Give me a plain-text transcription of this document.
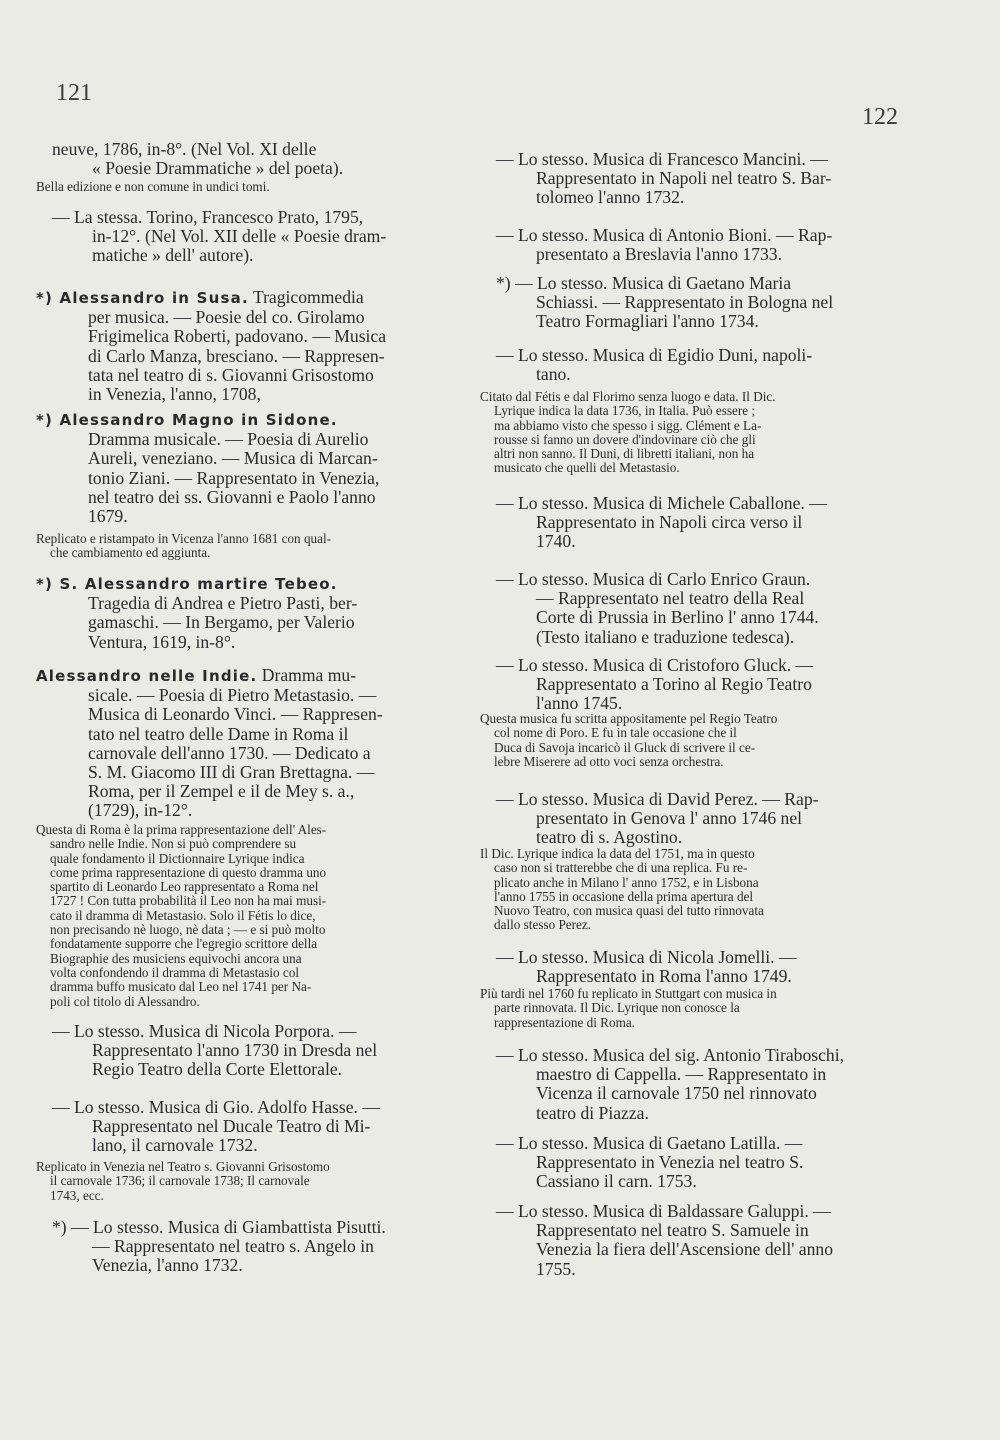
121
122
neuve, 1786, in-8°. (Nel Vol. XI delle
« Poesie Drammatiche » del poeta).
Bella edizione e non comune in undici tomi.
— La stessa. Torino, Francesco Prato, 1795,
in-12°. (Nel Vol. XII delle « Poesie dram-
matiche » dell' autore).
*) Alessandro in Susa. Tragicommedia
per musica. — Poesie del co. Girolamo
Frigimelica Roberti, padovano. — Musica
di Carlo Manza, bresciano. — Rappresen-
tata nel teatro di s. Giovanni Grisostomo
in Venezia, l'anno, 1708,
*) Alessandro Magno in Sidone.
Dramma musicale. — Poesia di Aurelio
Aureli, veneziano. — Musica di Marcan-
tonio Ziani. — Rappresentato in Venezia,
nel teatro dei ss. Giovanni e Paolo l'anno
1679.
Replicato e ristampato in Vicenza l'anno 1681 con qual-
che cambiamento ed aggiunta.
*) S. Alessandro martire Tebeo.
Tragedia di Andrea e Pietro Pasti, ber-
gamaschi. — In Bergamo, per Valerio
Ventura, 1619, in-8°.
Alessandro nelle Indie. Dramma mu-
sicale. — Poesia di Pietro Metastasio. —
Musica di Leonardo Vinci. — Rappresen-
tato nel teatro delle Dame in Roma il
carnovale dell'anno 1730. — Dedicato a
S. M. Giacomo III di Gran Brettagna. —
Roma, per il Zempel e il de Mey s. a.,
(1729), in-12°.
Questa di Roma è la prima rappresentazione dell' Ales-
sandro nelle Indie. Non si può comprendere su
quale fondamento il Dictionnaire Lyrique indica
come prima rappresentazione di questo dramma uno
spartito di Leonardo Leo rappresentato a Roma nel
1727 ! Con tutta probabilità il Leo non ha mai musi-
cato il dramma di Metastasio. Solo il Fétis lo dice,
non precisando nè luogo, nè data ; — e si può molto
fondatamente supporre che l'egregio scrittore della
Biographie des musiciens equivochi ancora una
volta confondendo il dramma di Metastasio col
dramma buffo musicato dal Leo nel 1741 per Na-
poli col titolo di Alessandro.
— Lo stesso. Musica di Nicola Porpora. —
Rappresentato l'anno 1730 in Dresda nel
Regio Teatro della Corte Elettorale.
— Lo stesso. Musica di Gio. Adolfo Hasse. —
Rappresentato nel Ducale Teatro di Mi-
lano, il carnovale 1732.
Replicato in Venezia nel Teatro s. Giovanni Grisostomo
il carnovale 1736; il carnovale 1738; Il carnovale
1743, ecc.
*) — Lo stesso. Musica di Giambattista Pisutti.
— Rappresentato nel teatro s. Angelo in
Venezia, l'anno 1732.
— Lo stesso. Musica di Francesco Mancini. —
Rappresentato in Napoli nel teatro S. Bar-
tolomeo l'anno 1732.
— Lo stesso. Musica di Antonio Bioni. — Rap-
presentato a Breslavia l'anno 1733.
*) — Lo stesso. Musica di Gaetano Maria
Schiassi. — Rappresentato in Bologna nel
Teatro Formagliari l'anno 1734.
— Lo stesso. Musica di Egidio Duni, napoli-
tano.
Citato dal Fétis e dal Florimo senza luogo e data. Il Dic.
Lyrique indica la data 1736, in Italia. Può essere ;
ma abbiamo visto che spesso i sigg. Clément e La-
rousse si fanno un dovere d'indovinare ciò che gli
altri non sanno. Il Duni, di libretti italiani, non ha
musicato che quelli del Metastasio.
— Lo stesso. Musica di Michele Caballone. —
Rappresentato in Napoli circa verso il
1740.
— Lo stesso. Musica di Carlo Enrico Graun.
— Rappresentato nel teatro della Real
Corte di Prussia in Berlino l' anno 1744.
(Testo italiano e traduzione tedesca).
— Lo stesso. Musica di Cristoforo Gluck. —
Rappresentato a Torino al Regio Teatro
l'anno 1745.
Questa musica fu scritta appositamente pel Regio Teatro
col nome di Poro. E fu in tale occasione che il
Duca di Savoja incaricò il Gluck di scrivere il ce-
lebre Miserere ad otto voci senza orchestra.
— Lo stesso. Musica di David Perez. — Rap-
presentato in Genova l' anno 1746 nel
teatro di s. Agostino.
Il Dic. Lyrique indica la data del 1751, ma in questo
caso non si tratterebbe che di una replica. Fu re-
plicato anche in Milano l' anno 1752, e in Lisbona
l'anno 1755 in occasione della prima apertura del
Nuovo Teatro, con musica quasi del tutto rinnovata
dallo stesso Perez.
— Lo stesso. Musica di Nicola Jomelli. —
Rappresentato in Roma l'anno 1749.
Più tardi nel 1760 fu replicato in Stuttgart con musica in
parte rinnovata. Il Dic. Lyrique non conosce la
rappresentazione di Roma.
— Lo stesso. Musica del sig. Antonio Tiraboschi,
maestro di Cappella. — Rappresentato in
Vicenza il carnovale 1750 nel rinnovato
teatro di Piazza.
— Lo stesso. Musica di Gaetano Latilla. —
Rappresentato in Venezia nel teatro S.
Cassiano il carn. 1753.
— Lo stesso. Musica di Baldassare Galuppi. —
Rappresentato nel teatro S. Samuele in
Venezia la fiera dell'Ascensione dell' anno
1755.
